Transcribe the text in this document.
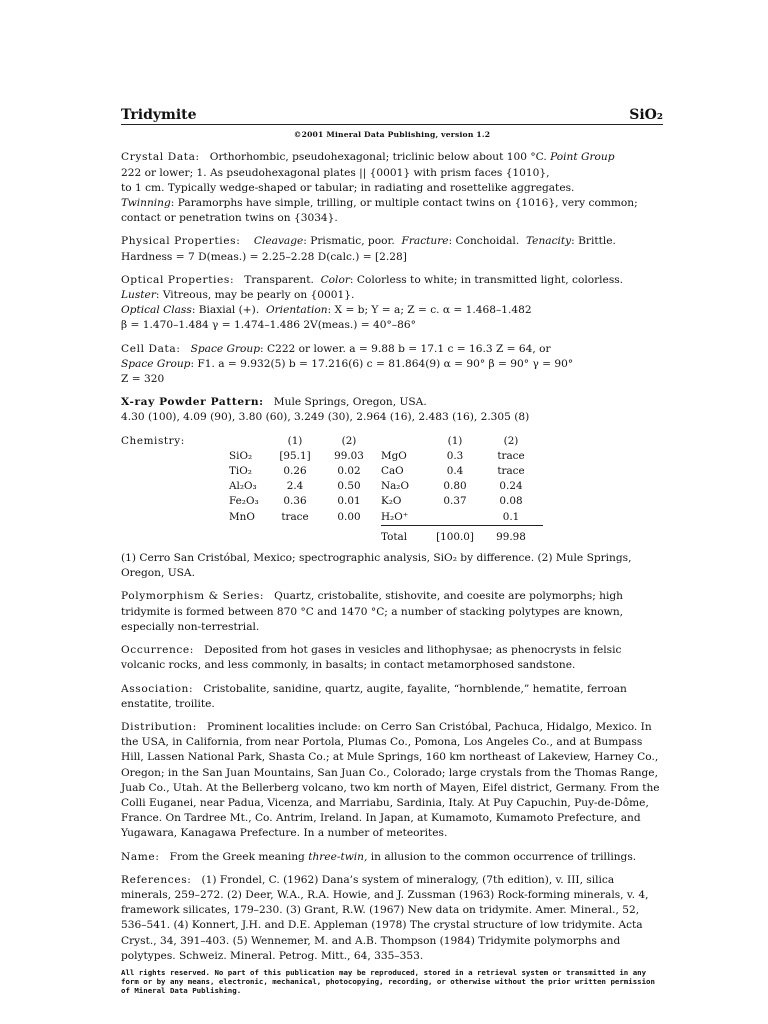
Tridymite	SiO₂
©2001 Mineral Data Publishing, version 1.2

Crystal Data : Orthorhombic, pseudohexagonal; triclinic below about 100 °C. Point Group

222 or lower; 1. As pseudohexagonal plates || {0001} with prism faces {1010},

to 1 cm. Typically wedge-shaped or tabular; in radiating and rosettelike aggregates.

Twinning: Paramorphs have simple, trilling, or multiple contact twins on {1016}, very common;

contact or penetration twins on {3034}.

Physical Properties : Cleavage: Prismatic, poor. Fracture: Conchoidal. Tenacity: Brittle.

Hardness = 7 D(meas.) = 2.25–2.28 D(calc.) = [2.28]

Optical Properties : Transparent. Color: Colorless to white; in transmitted light, colorless.

Luster: Vitreous, may be pearly on {0001}.

Optical Class: Biaxial (+). Orientation: X = b; Y = a; Z = c. α = 1.468–1.482

β = 1.470–1.484 γ = 1.474–1.486 2V(meas.) = 40°–86°

Cell Data : Space Group: C222 or lower. a = 9.88 b = 17.1 c = 16.3 Z = 64, or

Space Group: F1. a = 9.932(5) b = 17.216(6) c = 81.864(9) α = 90° β = 90° γ = 90°

Z = 320

X-ray Powder Pattern : Mule Springs, Oregon, USA.

4.30 (100), 4.09 (90), 3.80 (60), 3.249 (30), 2.964 (16), 2.483 (16), 2.305 (8)

Chemistry :		(1)	(2)		(1)	(2)
	SiO₂	[95.1]	99.03	MgO	0.3	trace
	TiO₂	0.26	0.02	CaO	0.4	trace
	Al₂O₃	2.4	0.50	Na₂O	0.80	0.24
	Fe₂O₃	0.36	0.01	K₂O	0.37	0.08
	MnO	trace	0.00	H₂O⁺		0.1
				Total	[100.0]	99.98

(1) Cerro San Cristóbal, Mexico; spectrographic analysis, SiO₂ by difference. (2) Mule Springs,

Oregon, USA.

Polymorphism & Series : Quartz, cristobalite, stishovite, and coesite are polymorphs; high tridymite is formed between 870 °C and 1470 °C; a number of stacking polytypes are known, especially non-terrestrial.

Occurrence : Deposited from hot gases in vesicles and lithophysae; as phenocrysts in felsic volcanic rocks, and less commonly, in basalts; in contact metamorphosed sandstone.

Association : Cristobalite, sanidine, quartz, augite, fayalite, “hornblende,” hematite, ferroan enstatite, troilite.

Distribution : Prominent localities include: on Cerro San Cristóbal, Pachuca, Hidalgo, Mexico. In the USA, in California, from near Portola, Plumas Co., Pomona, Los Angeles Co., and at Bumpass Hill, Lassen National Park, Shasta Co.; at Mule Springs, 160 km northeast of Lakeview, Harney Co., Oregon; in the San Juan Mountains, San Juan Co., Colorado; large crystals from the Thomas Range, Juab Co., Utah. At the Bellerberg volcano, two km north of Mayen, Eifel district, Germany. From the Colli Euganei, near Padua, Vicenza, and Marriabu, Sardinia, Italy. At Puy Capuchin, Puy-de-Dôme, France. On Tardree Mt., Co. Antrim, Ireland. In Japan, at Kumamoto, Kumamoto Prefecture, and Yugawara, Kanagawa Prefecture. In a number of meteorites.

Name : From the Greek meaning three-twin, in allusion to the common occurrence of trillings.

References : (1) Frondel, C. (1962) Dana’s system of mineralogy, (7th edition), v. III, silica minerals, 259–272. (2) Deer, W.A., R.A. Howie, and J. Zussman (1963) Rock-forming minerals, v. 4, framework silicates, 179–230. (3) Grant, R.W. (1967) New data on tridymite. Amer. Mineral., 52, 536–541. (4) Konnert, J.H. and D.E. Appleman (1978) The crystal structure of low tridymite. Acta Cryst., 34, 391–403. (5) Wennemer, M. and A.B. Thompson (1984) Tridymite polymorphs and polytypes. Schweiz. Mineral. Petrog. Mitt., 64, 335–353.

All rights reserved. No part of this publication may be reproduced, stored in a retrieval system or transmitted in any form or by any means, electronic, mechanical, photocopying, recording, or otherwise without the prior written permission of Mineral Data Publishing.
